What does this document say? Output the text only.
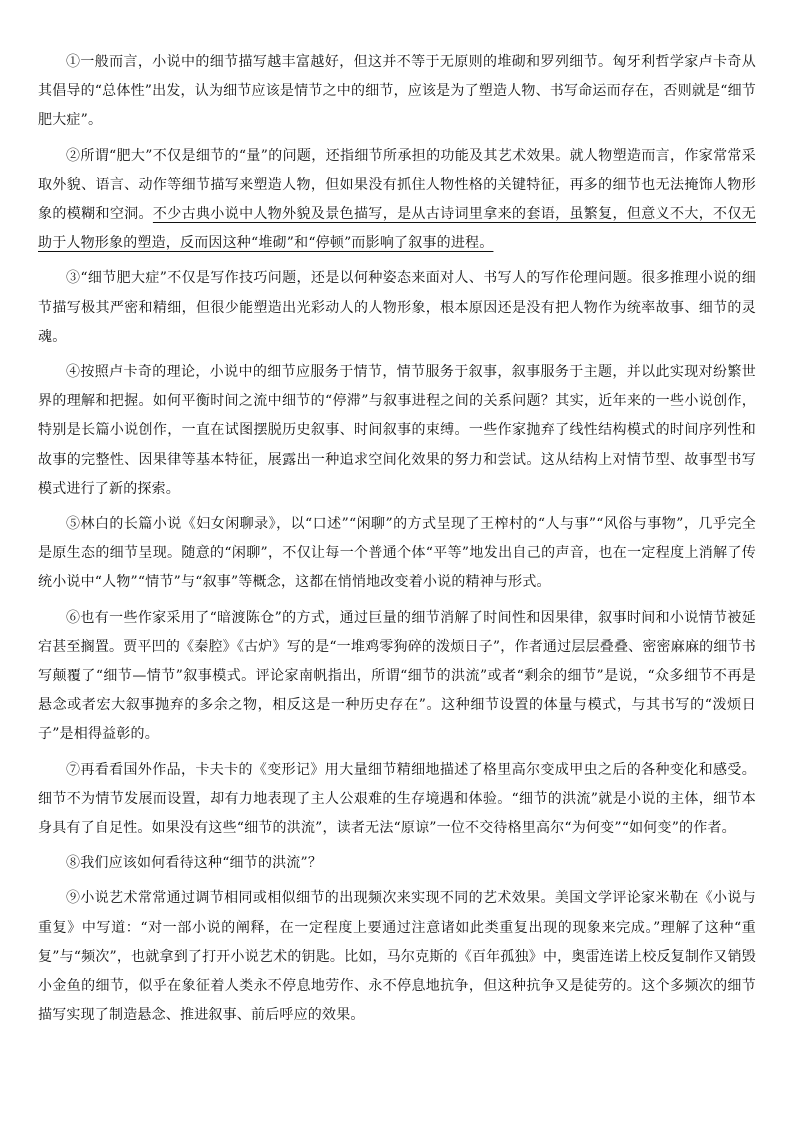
①一般而言，小说中的细节描写越丰富越好，但这并不等于无原则的堆砌和罗列细节。匈牙利哲学家卢卡奇从其倡导的“总体性”出发，认为细节应该是情节之中的细节，应该是为了塑造人物、书写命运而存在，否则就是“细节肥大症”。

②所谓“肥大”不仅是细节的“量”的问题，还指细节所承担的功能及其艺术效果。就人物塑造而言，作家常常采取外貌、语言、动作等细节描写来塑造人物，但如果没有抓住人物性格的关键特征，再多的细节也无法掩饰人物形象的模糊和空洞。不少古典小说中人物外貌及景色描写，是从古诗词里拿来的套语，虽繁复，但意义不大，不仅无助于人物形象的塑造，反而因这种“堆砌”和“停顿”而影响了叙事的进程。

③“细节肥大症”不仅是写作技巧问题，还是以何种姿态来面对人、书写人的写作伦理问题。很多推理小说的细节描写极其严密和精细，但很少能塑造出光彩动人的人物形象，根本原因还是没有把人物作为统率故事、细节的灵魂。

④按照卢卡奇的理论，小说中的细节应服务于情节，情节服务于叙事，叙事服务于主题，并以此实现对纷繁世界的理解和把握。如何平衡时间之流中细节的“停滞”与叙事进程之间的关系问题？其实，近年来的一些小说创作，特别是长篇小说创作，一直在试图摆脱历史叙事、时间叙事的束缚。一些作家抛弃了线性结构模式的时间序列性和故事的完整性、因果律等基本特征，展露出一种追求空间化效果的努力和尝试。这从结构上对情节型、故事型书写模式进行了新的探索。

⑤林白的长篇小说《妇女闲聊录》，以“口述”“闲聊”的方式呈现了王榨村的“人与事”“风俗与事物”，几乎完全是原生态的细节呈现。随意的“闲聊”，不仅让每一个普通个体“平等”地发出自己的声音，也在一定程度上消解了传统小说中“人物”“情节”与“叙事”等概念，这都在悄悄地改变着小说的精神与形式。

⑥也有一些作家采用了“暗渡陈仓”的方式，通过巨量的细节消解了时间性和因果律，叙事时间和小说情节被延宕甚至搁置。贾平凹的《秦腔》《古炉》写的是“一堆鸡零狗碎的泼烦日子”，作者通过层层叠叠、密密麻麻的细节书写颠覆了“细节—情节”叙事模式。评论家南帆指出，所谓“细节的洪流”或者“剩余的细节”是说，“众多细节不再是悬念或者宏大叙事抛弃的多余之物，相反这是一种历史存在”。这种细节设置的体量与模式，与其书写的“泼烦日子”是相得益彰的。

⑦再看看国外作品，卡夫卡的《变形记》用大量细节精细地描述了格里高尔变成甲虫之后的各种变化和感受。细节不为情节发展而设置，却有力地表现了主人公艰难的生存境遇和体验。“细节的洪流”就是小说的主体，细节本身具有了自足性。如果没有这些“细节的洪流”，读者无法“原谅”一位不交待格里高尔“为何变”“如何变”的作者。

⑧我们应该如何看待这种“细节的洪流”？

⑨小说艺术常常通过调节相同或相似细节的出现频次来实现不同的艺术效果。美国文学评论家米勒在《小说与重复》中写道：“对一部小说的阐释，在一定程度上要通过注意诸如此类重复出现的现象来完成。”理解了这种“重复”与“频次”，也就拿到了打开小说艺术的钥匙。比如，马尔克斯的《百年孤独》中，奥雷连诺上校反复制作又销毁小金鱼的细节，似乎在象征着人类永不停息地劳作、永不停息地抗争，但这种抗争又是徒劳的。这个多频次的细节描写实现了制造悬念、推进叙事、前后呼应的效果。
